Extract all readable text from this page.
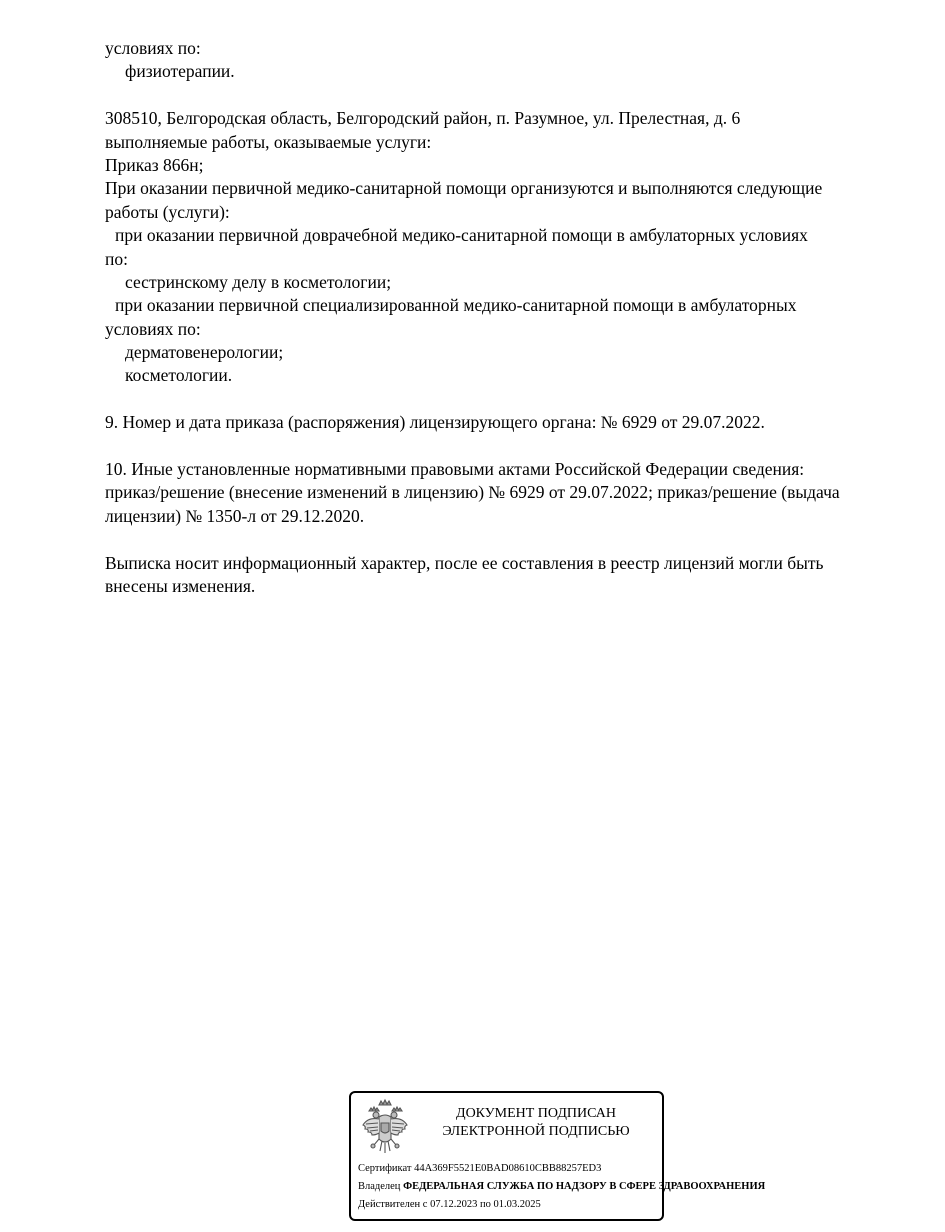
условиях по:
физиотерапии.
308510, Белгородская область, Белгородский район, п. Разумное, ул. Прелестная, д. 6
выполняемые работы, оказываемые услуги:
Приказ 866н;
При оказании первичной медико-санитарной помощи организуются и выполняются следующие
работы (услуги):
при оказании первичной доврачебной медико-санитарной помощи в амбулаторных условиях
по:
сестринскому делу в косметологии;
при оказании первичной специализированной медико-санитарной помощи в амбулаторных
условиях по:
дерматовенерологии;
косметологии.
9. Номер и дата приказа (распоряжения) лицензирующего органа: № 6929 от 29.07.2022.
10. Иные установленные нормативными правовыми актами Российской Федерации сведения:
приказ/решение (внесение изменений в лицензию) № 6929 от 29.07.2022; приказ/решение (выдача
лицензии) № 1350-л от 29.12.2020.
Выписка носит информационный характер, после ее составления в реестр лицензий могли быть
внесены изменения.
ДОКУМЕНТ ПОДПИСАН
ЭЛЕКТРОННОЙ ПОДПИСЬЮ
Сертификат 44A369F5521E0BAD08610CBB88257ED3
Владелец ФЕДЕРАЛЬНАЯ СЛУЖБА ПО НАДЗОРУ В СФЕРЕ ЗДРАВООХРАНЕНИЯ
Действителен с 07.12.2023 по 01.03.2025
